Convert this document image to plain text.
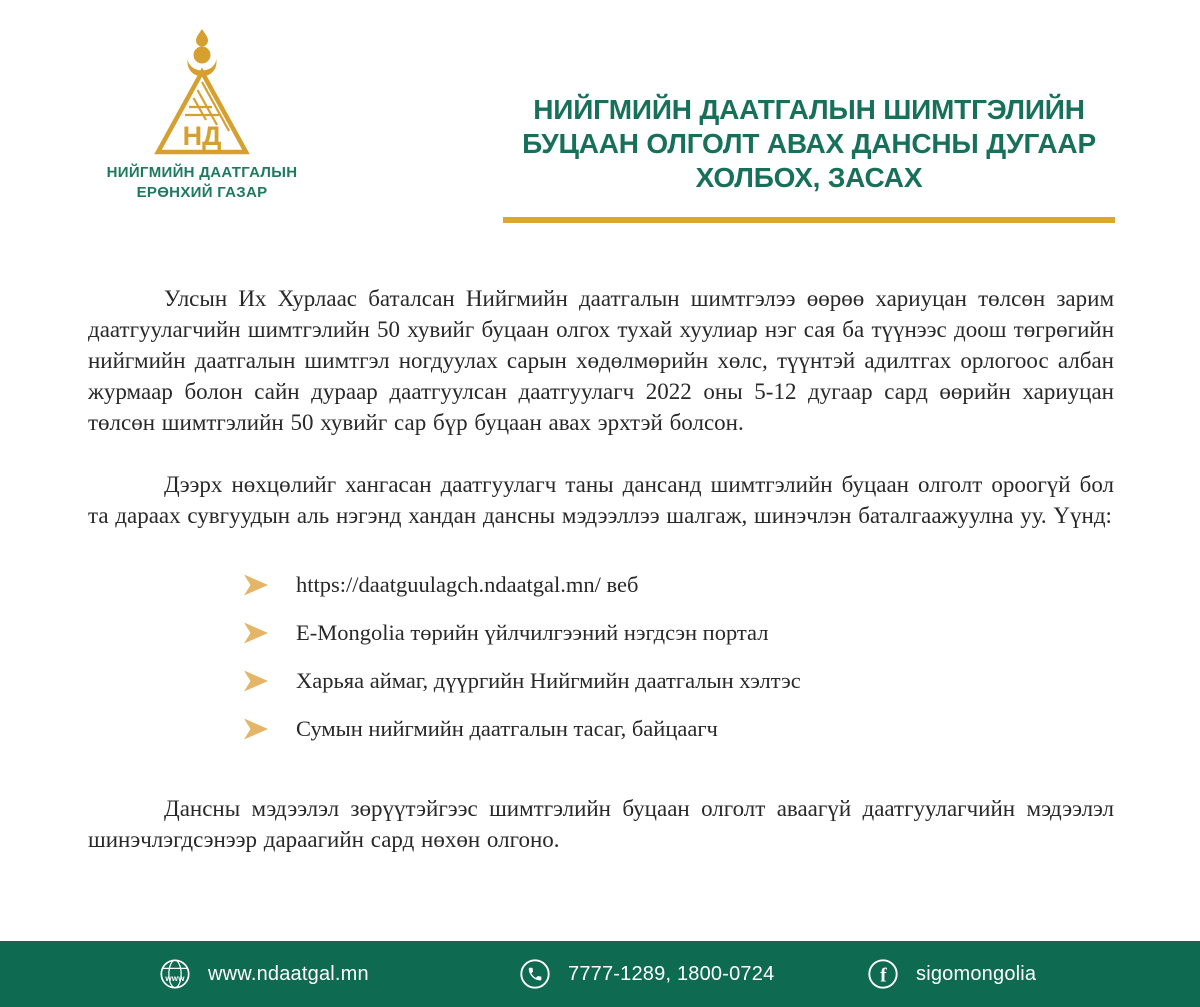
НД
НИЙГМИЙН ДААТГАЛЫН
ЕРӨНХИЙ ГАЗАР
НИЙГМИЙН ДААТГАЛЫН ШИМТГЭЛИЙН
БУЦААН ОЛГОЛТ АВАХ ДАНСНЫ ДУГААР
ХОЛБОХ, ЗАСАХ

Улсын Их Хурлаас баталсан Нийгмийн даатгалын шимтгэлээ өөрөө хариуцан төлсөн зарим даатгуулагчийн шимтгэлийн 50 хувийг буцаан олгох тухай хуулиар нэг сая ба түүнээс доош төгрөгийн нийгмийн даатгалын шимтгэл ногдуулах сарын хөдөлмөрийн хөлс, түүнтэй адилтгах орлогоос албан журмаар болон сайн дураар даатгуулсан даатгуулагч 2022 оны 5-12 дугаар сард өөрийн хариуцан төлсөн шимтгэлийн 50 хувийг сар бүр буцаан авах эрхтэй болсон.

Дээрх нөхцөлийг хангасан даатгуулагч таны дансанд шимтгэлийн буцаан олголт ороогүй бол та дараах сувгуудын аль нэгэнд хандан дансны мэдээллээ шалгаж, шинэчлэн баталгаажуулна уу. Үүнд:

https://daatguulagch.ndaatgal.mn/ веб
E-Mongolia төрийн үйлчилгээний нэгдсэн портал
Харьяа аймаг, дүүргийн Нийгмийн даатгалын хэлтэс
Сумын нийгмийн даатгалын тасаг, байцаагч

Дансны мэдээлэл зөрүүтэйгээс шимтгэлийн буцаан олголт аваагүй даатгуулагчийн мэдээлэл шинэчлэгдсэнээр дараагийн сард нөхөн олгоно.

www www.ndaatgal.mn	7777-1289, 1800-0724	f sigomongolia
